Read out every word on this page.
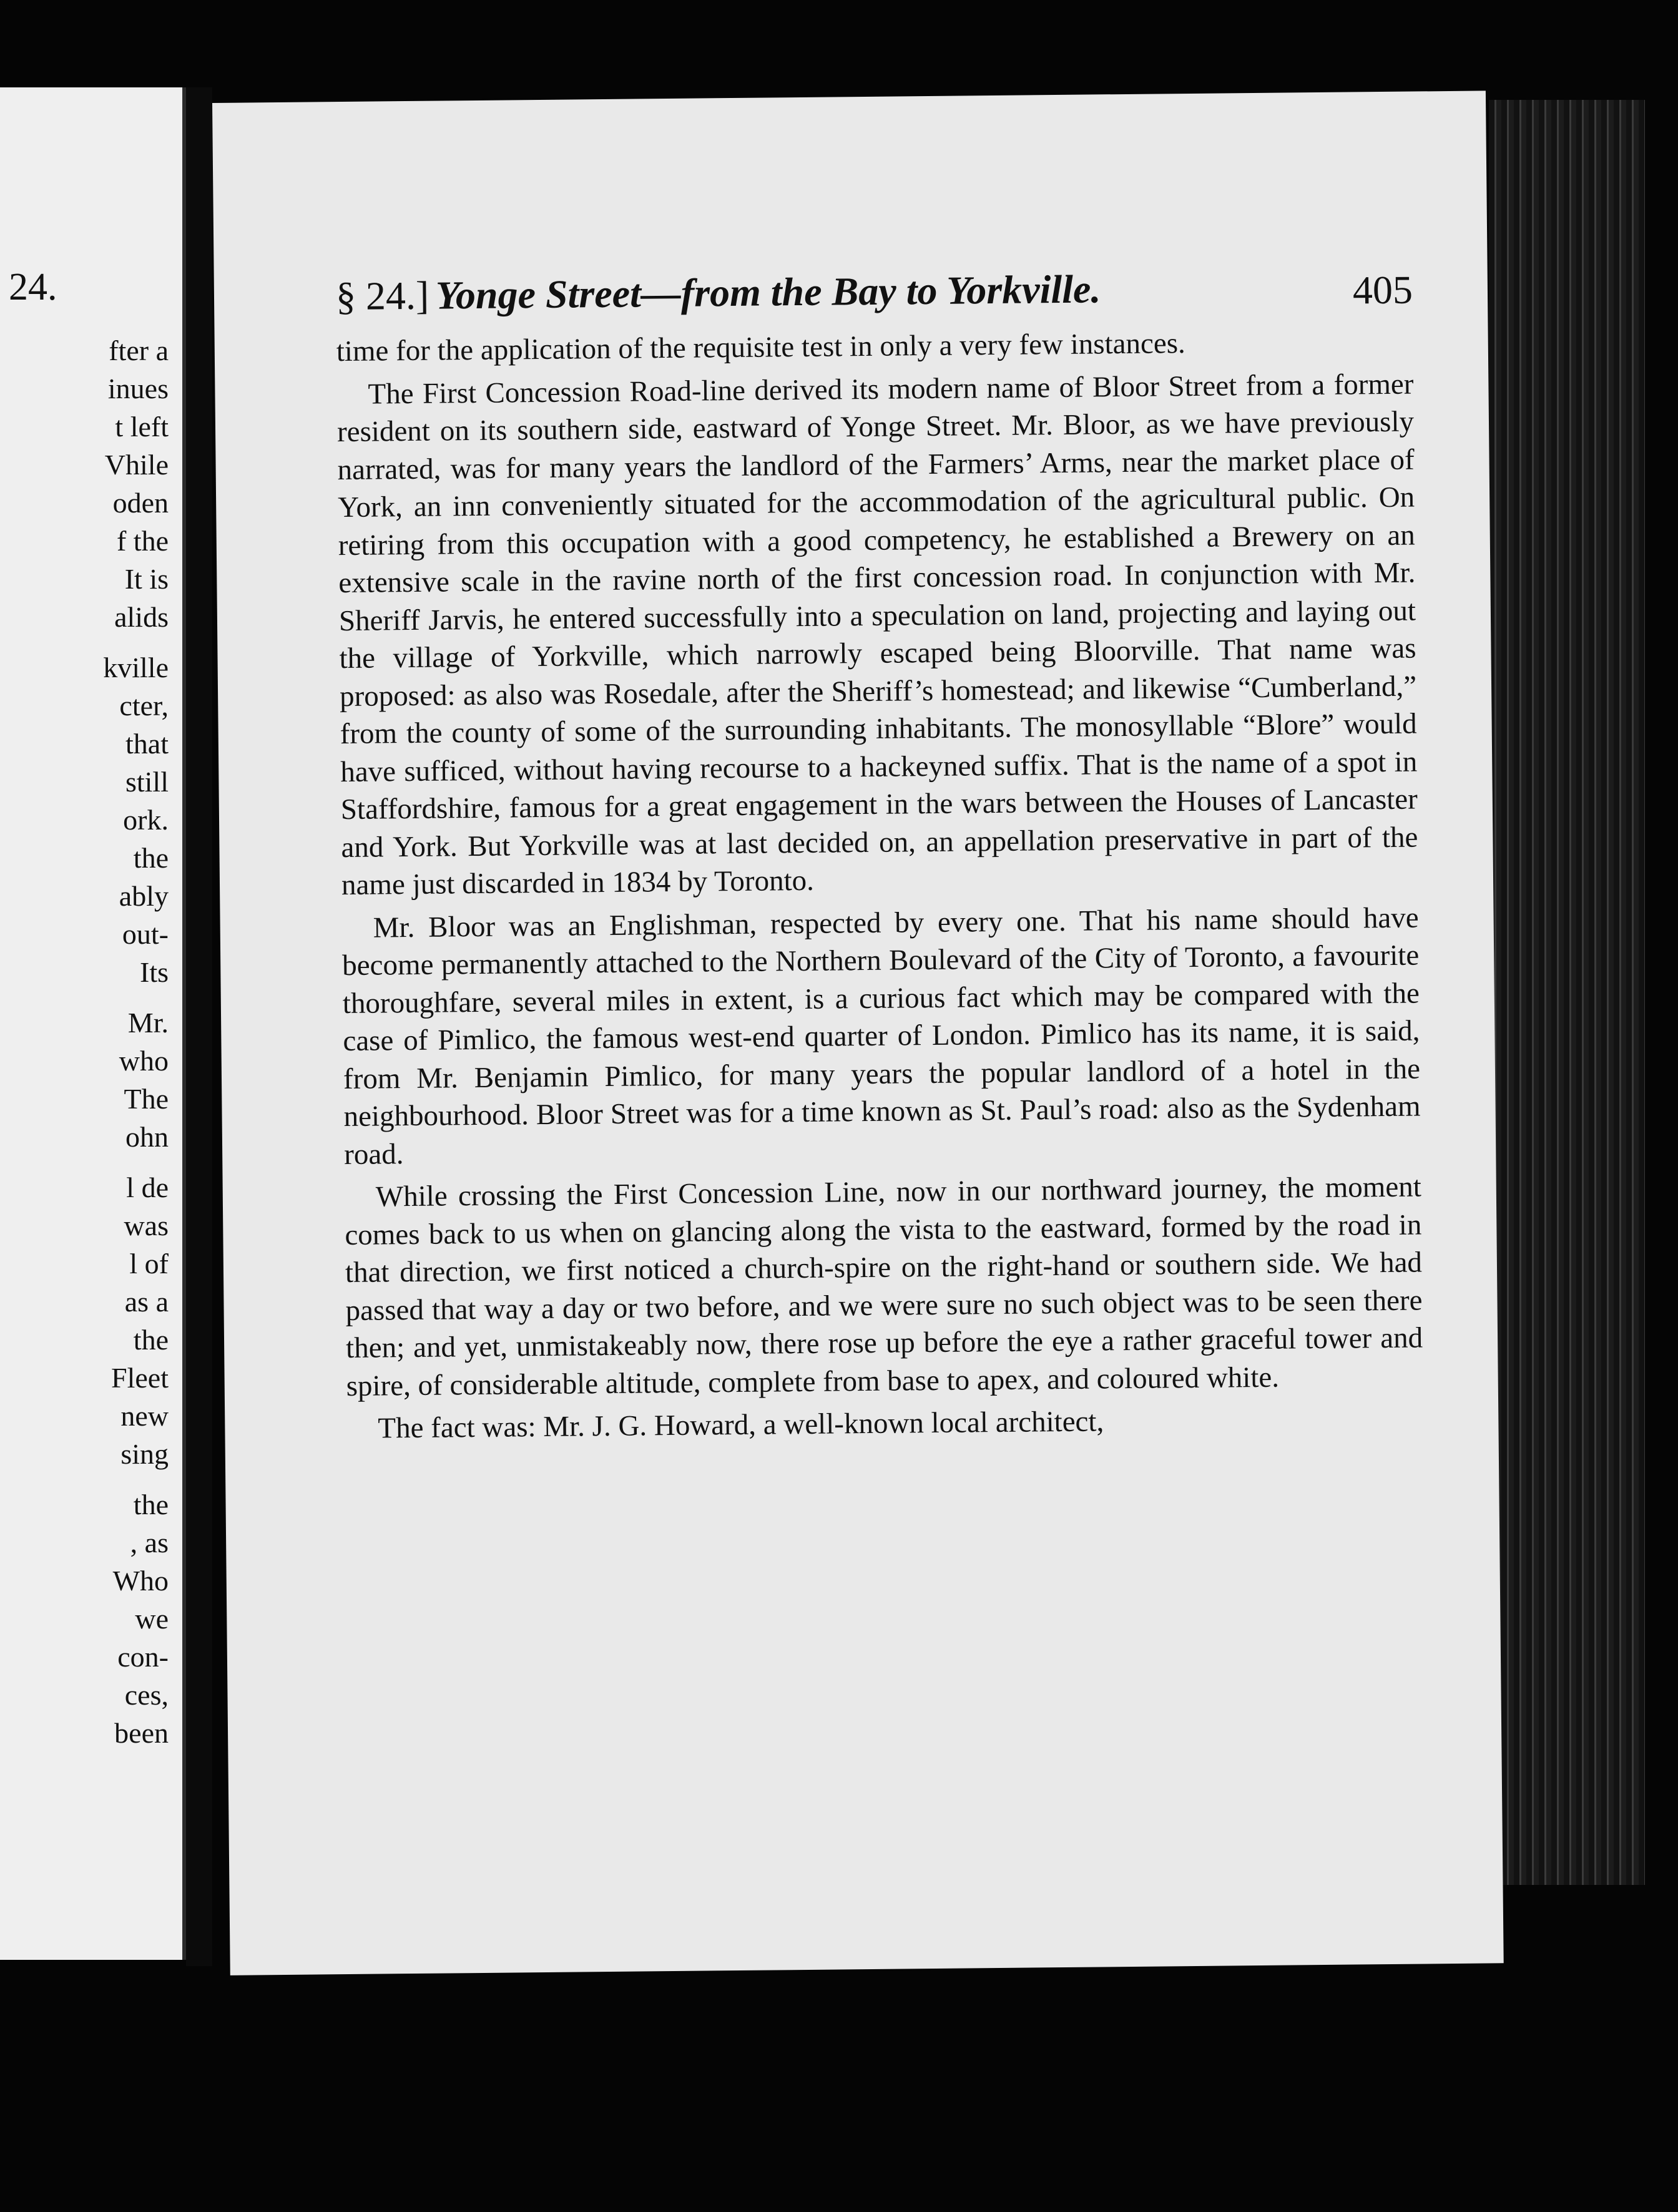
24.
fter a
inues
t left
Vhile
oden
f the
It is
alids
kville
cter,
that
still
ork.
the
ably
out-
Its
Mr.
who
The
ohn
l de
was
l of
as a
the
Fleet
new
sing
the
, as
Who
we
con-
ces,
been
§ 24.] Yonge Street—from the Bay to Yorkville.	405

time for the application of the requisite test in only a very few instances.

The First Concession Road-line derived its modern name of Bloor Street from a former resident on its southern side, eastward of Yonge Street. Mr. Bloor, as we have previously narrated, was for many years the landlord of the Farmers’ Arms, near the market place of York, an inn conveniently situated for the accommodation of the agricultural public. On retiring from this occupation with a good competency, he established a Brewery on an extensive scale in the ravine north of the first concession road. In conjunction with Mr. Sheriff Jarvis, he entered successfully into a speculation on land, projecting and laying out the village of Yorkville, which narrowly escaped being Bloorville. That name was proposed: as also was Rosedale, after the Sheriff’s homestead; and likewise “Cumberland,” from the county of some of the surrounding inhabitants. The monosyllable “Blore” would have sufficed, without having recourse to a hackeyned suffix. That is the name of a spot in Staffordshire, famous for a great engagement in the wars between the Houses of Lancaster and York. But Yorkville was at last decided on, an appellation preservative in part of the name just discarded in 1834 by Toronto.

Mr. Bloor was an Englishman, respected by every one. That his name should have become permanently attached to the Northern Boulevard of the City of Toronto, a favourite thoroughfare, several miles in extent, is a curious fact which may be compared with the case of Pimlico, the famous west-end quarter of London. Pimlico has its name, it is said, from Mr. Benjamin Pimlico, for many years the popular landlord of a hotel in the neighbourhood. Bloor Street was for a time known as St. Paul’s road: also as the Sydenham road.

While crossing the First Concession Line, now in our northward journey, the moment comes back to us when on glancing along the vista to the eastward, formed by the road in that direction, we first noticed a church-spire on the right-hand or southern side. We had passed that way a day or two before, and we were sure no such object was to be seen there then; and yet, unmistakeably now, there rose up before the eye a rather graceful tower and spire, of considerable altitude, complete from base to apex, and coloured white.

The fact was: Mr. J. G. Howard, a well-known local architect,
